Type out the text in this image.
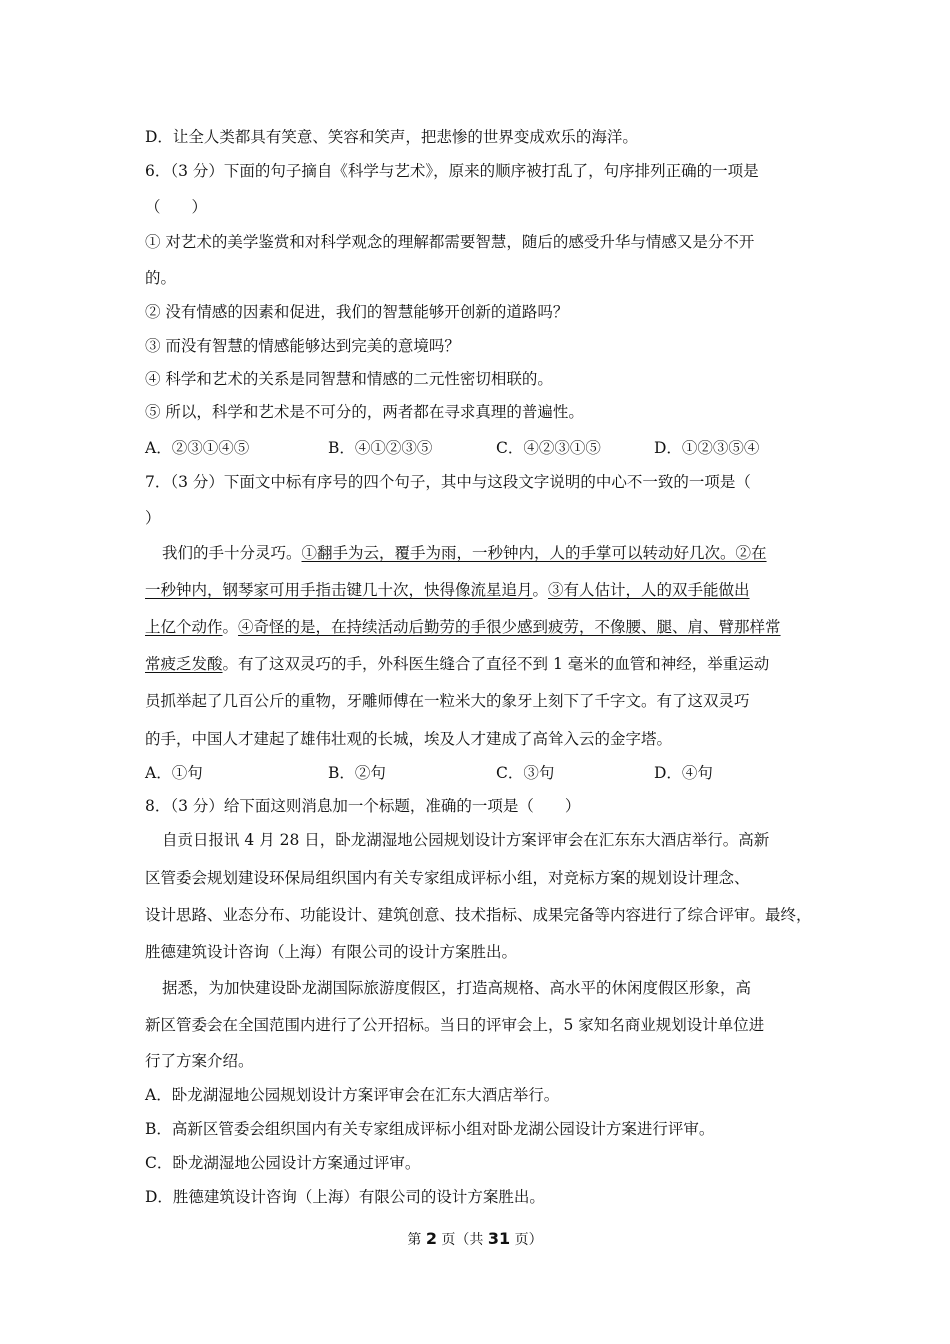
D．让全人类都具有笑意、笑容和笑声，把悲惨的世界变成欢乐的海洋。
6．（3 分）下面的句子摘自《科学与艺术》，原来的顺序被打乱了，句序排列正确的一项是
（　　）
① 对艺术的美学鉴赏和对科学观念的理解都需要智慧，随后的感受升华与情感又是分不开
的。
② 没有情感的因素和促进，我们的智慧能够开创新的道路吗？
③ 而没有智慧的情感能够达到完美的意境吗？
④ 科学和艺术的关系是同智慧和情感的二元性密切相联的。
⑤ 所以，科学和艺术是不可分的，两者都在寻求真理的普遍性。
A．②③①④⑤	B．④①②③⑤	C．④②③①⑤	D．①②③⑤④
7．（3 分）下面文中标有序号的四个句子，其中与这段文字说明的中心不一致的一项是（
）
我们的手十分灵巧。①翻手为云，覆手为雨，一秒钟内，人的手掌可以转动好几次。②在
一秒钟内，钢琴家可用手指击键几十次，快得像流星追月。③有人估计，人的双手能做出
上亿个动作。④奇怪的是，在持续活动后勤劳的手很少感到疲劳，不像腰、腿、肩、臂那样常
常疲乏发酸。有了这双灵巧的手，外科医生缝合了直径不到 1 毫米的血管和神经，举重运动
员抓举起了几百公斤的重物，牙雕师傅在一粒米大的象牙上刻下了千字文。有了这双灵巧
的手，中国人才建起了雄伟壮观的长城，埃及人才建成了高耸入云的金字塔。
A．①句	B．②句	C．③句	D．④句
8．（3 分）给下面这则消息加一个标题，准确的一项是（　　）
自贡日报讯 4 月 28 日，卧龙湖湿地公园规划设计方案评审会在汇东东大酒店举行。高新
区管委会规划建设环保局组织国内有关专家组成评标小组，对竞标方案的规划设计理念、
设计思路、业态分布、功能设计、建筑创意、技术指标、成果完备等内容进行了综合评审。最终，
胜德建筑设计咨询（上海）有限公司的设计方案胜出。
据悉，为加快建设卧龙湖国际旅游度假区，打造高规格、高水平的休闲度假区形象，高
新区管委会在全国范围内进行了公开招标。当日的评审会上，5 家知名商业规划设计单位进
行了方案介绍。
A．卧龙湖湿地公园规划设计方案评审会在汇东大酒店举行。
B．高新区管委会组织国内有关专家组成评标小组对卧龙湖公园设计方案进行评审。
C．卧龙湖湿地公园设计方案通过评审。
D．胜德建筑设计咨询（上海）有限公司的设计方案胜出。
第 2 页（共 31 页）
